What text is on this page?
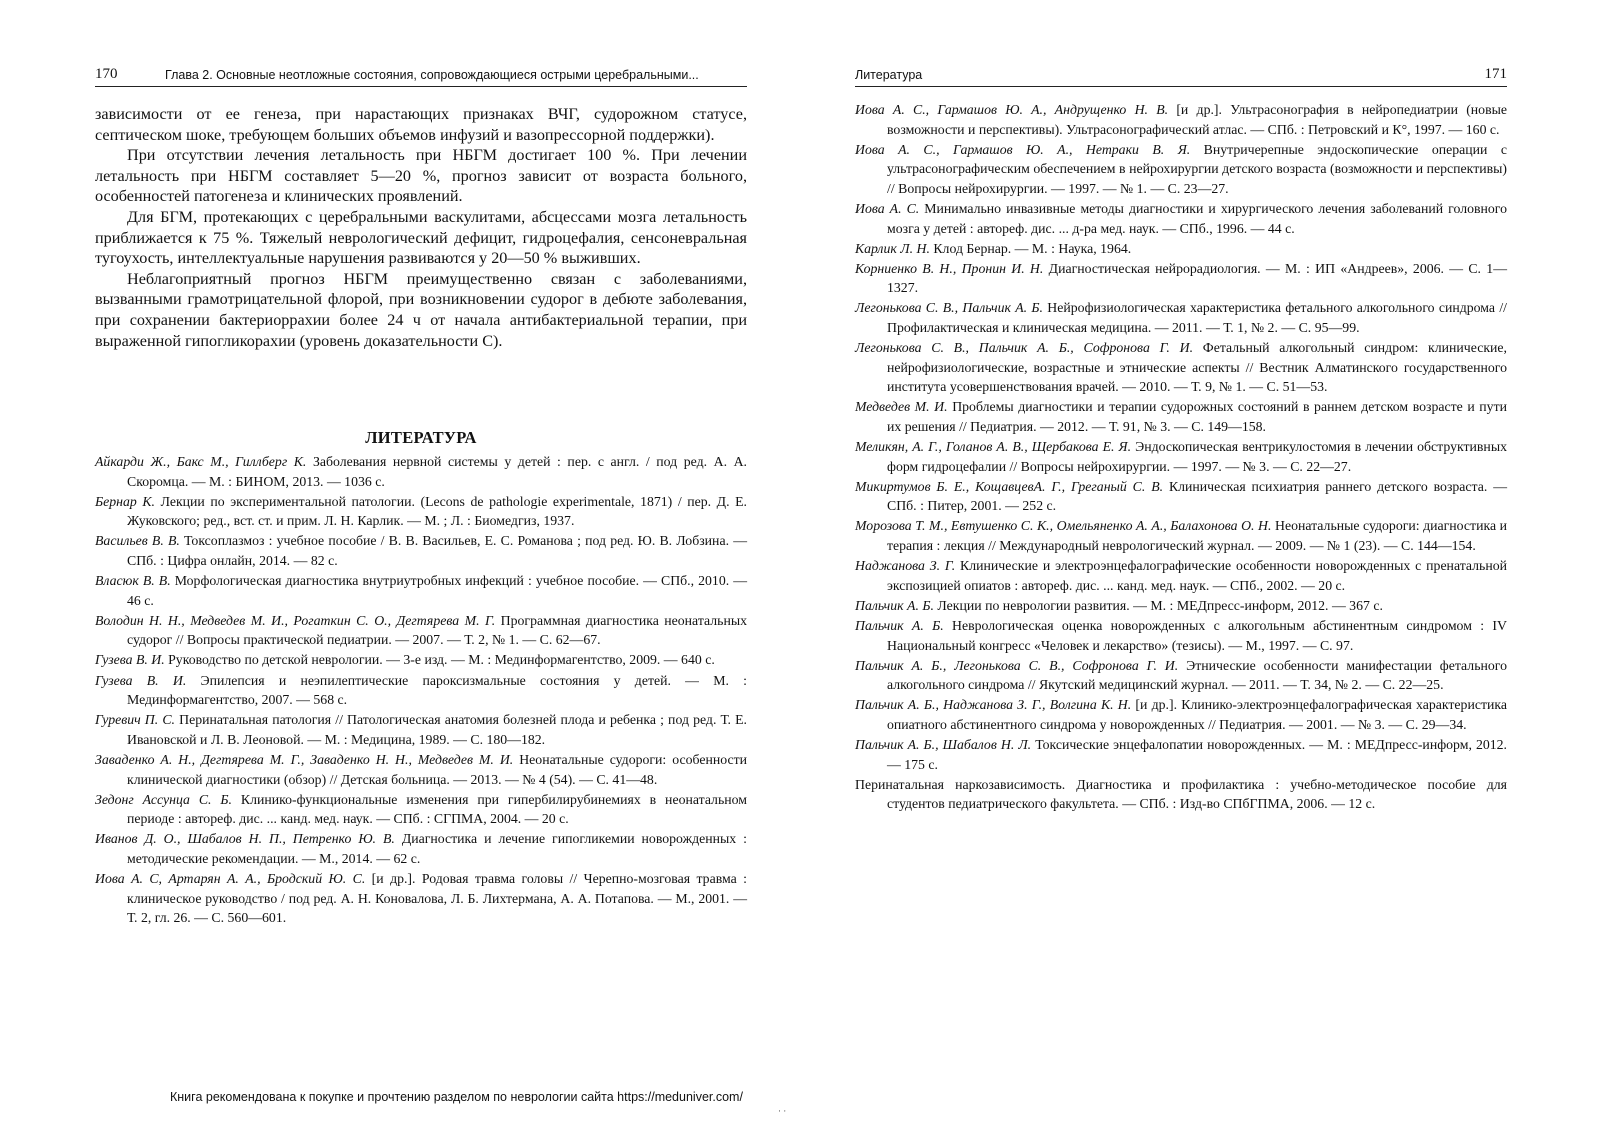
170	Глава 2. Основные неотложные состояния, сопровождающиеся острыми церебральными...

зависимости от ее генеза, при нарастающих признаках ВЧГ, судорожном статусе, септическом шоке, требующем больших объемов инфузий и вазопрессорной поддержки).

При отсутствии лечения летальность при НБГМ достигает 100 %. При лечении летальность при НБГМ составляет 5—20 %, прогноз зависит от возраста больного, особенностей патогенеза и клинических проявлений.

Для БГМ, протекающих с церебральными васкулитами, абсцессами мозга летальность приближается к 75 %. Тяжелый неврологический дефицит, гидроцефалия, сенсоневральная тугоухость, интеллектуальные нарушения развиваются у 20—50 % выживших.

Неблагоприятный прогноз НБГМ преимущественно связан с заболеваниями, вызванными грамотрицательной флорой, при возникновении судорог в дебюте заболевания, при сохранении бактериоррахии более 24 ч от начала антибактериальной терапии, при выраженной гипогликорахии (уровень доказательности С).

ЛИТЕРАТУРА

Айкарди Ж., Бакс М., Гиллберг К. Заболевания нервной системы у детей : пер. с англ. / под ред. А. А. Скоромца. — М. : БИНОМ, 2013. — 1036 с.

Бернар К. Лекции по экспериментальной патологии. (Lecons de pathologie experimentale, 1871) / пер. Д. Е. Жуковского; ред., вст. ст. и прим. Л. Н. Карлик. — М. ; Л. : Биомедгиз, 1937.

Васильев В. В. Токсоплазмоз : учебное пособие / В. В. Васильев, Е. С. Романова ; под ред. Ю. В. Лобзина. — СПб. : Цифра онлайн, 2014. — 82 с.

Власюк В. В. Морфологическая диагностика внутриутробных инфекций : учебное пособие. — СПб., 2010. — 46 с.

Володин Н. Н., Медведев М. И., Рогаткин С. О., Дегтярева М. Г. Программная диагностика неонатальных судорог // Вопросы практической педиатрии. — 2007. — Т. 2, № 1. — С. 62—67.

Гузева В. И. Руководство по детской неврологии. — 3-е изд. — М. : Мединформагентство, 2009. — 640 с.

Гузева В. И. Эпилепсия и неэпилептические пароксизмальные состояния у детей. — М. : Мединформагентство, 2007. — 568 с.

Гуревич П. С. Перинатальная патология // Патологическая анатомия болезней плода и ребенка ; под ред. Т. Е. Ивановской и Л. В. Леоновой. — М. : Медицина, 1989. — С. 180—182.

Заваденко А. Н., Дегтярева М. Г., Заваденко Н. Н., Медведев М. И. Неонатальные судороги: особенности клинической диагностики (обзор) // Детская больница. — 2013. — № 4 (54). — С. 41—48.

Зедонг Ассунца С. Б. Клинико-функциональные изменения при гипербилирубинемиях в неонатальном периоде : автореф. дис. ... канд. мед. наук. — СПб. : СГПМА, 2004. — 20 с.

Иванов Д. О., Шабалов Н. П., Петренко Ю. В. Диагностика и лечение гипогликемии новорожденных : методические рекомендации. — М., 2014. — 62 с.

Иова А. С, Артарян А. А., Бродский Ю. С. [и др.]. Родовая травма головы // Черепно-мозговая травма : клиническое руководство / под ред. А. Н. Коновалова, Л. Б. Лихтермана, А. А. Потапова. — М., 2001. — Т. 2, гл. 26. — С. 560—601.

Литература	171

Иова А. С., Гармашов Ю. А., Андрущенко Н. В. [и др.]. Ультрасонография в нейропедиатрии (новые возможности и перспективы). Ультрасонографический атлас. — СПб. : Петровский и К°, 1997. — 160 с.

Иова А. С., Гармашов Ю. А., Нетраки В. Я. Внутричерепные эндоскопические операции с ультрасонографическим обеспечением в нейрохирургии детского возраста (возможности и перспективы) // Вопросы нейрохирургии. — 1997. — № 1. — С. 23—27.

Иова А. С. Минимально инвазивные методы диагностики и хирургического лечения заболеваний головного мозга у детей : автореф. дис. ... д-ра мед. наук. — СПб., 1996. — 44 с.

Карлик Л. Н. Клод Бернар. — М. : Наука, 1964.

Корниенко В. Н., Пронин И. Н. Диагностическая нейрорадиология. — М. : ИП «Андреев», 2006. — С. 1—1327.

Легонькова С. В., Пальчик А. Б. Нейрофизиологическая характеристика фетального алкогольного синдрома // Профилактическая и клиническая медицина. — 2011. — Т. 1, № 2. — С. 95—99.

Легонькова С. В., Пальчик А. Б., Софронова Г. И. Фетальный алкогольный синдром: клинические, нейрофизиологические, возрастные и этнические аспекты // Вестник Алматинского государственного института усовершенствования врачей. — 2010. — Т. 9, № 1. — С. 51—53.

Медведев М. И. Проблемы диагностики и терапии судорожных состояний в раннем детском возрасте и пути их решения // Педиатрия. — 2012. — Т. 91, № 3. — С. 149—158.

Меликян, А. Г., Голанов А. В., Щербакова Е. Я. Эндоскопическая вентрикулостомия в лечении обструктивных форм гидроцефалии // Вопросы нейрохирургии. — 1997. — № 3. — С. 22—27.

Микиртумов Б. Е., КощавцевА. Г., Греганый С. В. Клиническая психиатрия раннего детского возраста. — СПб. : Питер, 2001. — 252 с.

Морозова Т. М., Евтушенко С. К., Омельяненко А. А., Балахонова О. Н. Неонатальные судороги: диагностика и терапия : лекция // Международный неврологический журнал. — 2009. — № 1 (23). — С. 144—154.

Наджанова З. Г. Клинические и электроэнцефалографические особенности новорожденных с пренатальной экспозицией опиатов : автореф. дис. ... канд. мед. наук. — СПб., 2002. — 20 с.

Пальчик А. Б. Лекции по неврологии развития. — М. : МЕДпресс-информ, 2012. — 367 с.

Пальчик А. Б. Неврологическая оценка новорожденных с алкогольным абстинентным синдромом : IV Национальный конгресс «Человек и лекарство» (тезисы). — М., 1997. — С. 97.

Пальчик А. Б., Легонькова С. В., Софронова Г. И. Этнические особенности манифестации фетального алкогольного синдрома // Якутский медицинский журнал. — 2011. — Т. 34, № 2. — С. 22—25.

Пальчик А. Б., Наджанова З. Г., Волгина К. Н. [и др.]. Клинико-электроэнцефалографическая характеристика опиатного абстинентного синдрома у новорожденных // Педиатрия. — 2001. — № 3. — С. 29—34.

Пальчик А. Б., Шабалов Н. Л. Токсические энцефалопатии новорожденных. — М. : МЕДпресс-информ, 2012. — 175 с.

Перинатальная наркозависимость. Диагностика и профилактика : учебно-методическое пособие для студентов педиатрического факультета. — СПб. : Изд-во СПбГПМА, 2006. — 12 с.

Книга рекомендована к покупке и прочтению разделом по неврологии сайта https://meduniver.com/
· ·
